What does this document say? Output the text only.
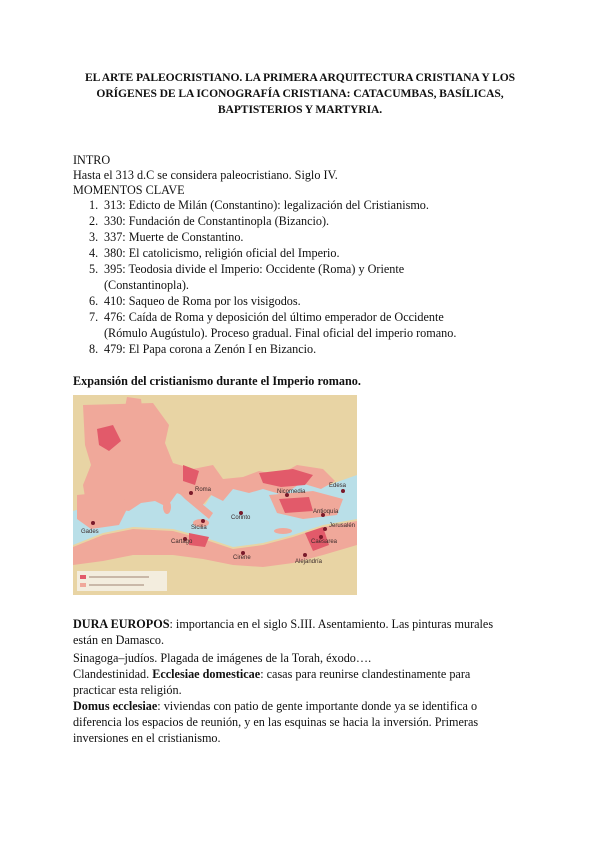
EL ARTE PALEOCRISTIANO. LA PRIMERA ARQUITECTURA CRISTIANA Y LOS
ORÍGENES DE LA ICONOGRAFÍA CRISTIANA: CATACUMBAS, BASÍLICAS,
BAPTISTERIOS Y MARTYRIA.
INTRO
Hasta el 313 d.C se considera paleocristiano. Siglo IV.
MOMENTOS CLAVE
1. 313: Edicto de Milán (Constantino): legalización del Cristianismo.
2. 330: Fundación de Constantinopla (Bizancio).
3. 337: Muerte de Constantino.
4. 380: El catolicismo, religión oficial del Imperio.
5. 395: Teodosia divide el Imperio: Occidente (Roma) y Oriente
(Constantinopla).
6. 410: Saqueo de Roma por los visigodos.
7. 476: Caída de Roma y deposición del último emperador de Occidente
(Rómulo Augústulo). Proceso gradual. Final oficial del imperio romano.
8. 479: El Papa corona a Zenón I en Bizancio.
Expansión del cristianismo durante el Imperio romano.
Roma
Cartago
Antioquía
Alejandría
Jerusalén
Corinto
Nicomedia
Edesa
Sicilia
Cirene
Caesarea
Gades
DURA EUROPOS: importancia en el siglo S.III. Asentamiento. Las pinturas murales
están en Damasco.
Sinagoga–judíos. Plagada de imágenes de la Torah, éxodo….
Clandestinidad. Ecclesiae domesticae: casas para reunirse clandestinamente para
practicar esta religión.
Domus ecclesiae: viviendas con patio de gente importante donde ya se identifica o
diferencia los espacios de reunión, y en las esquinas se hacia la inversión. Primeras
inversiones en el cristianismo.
